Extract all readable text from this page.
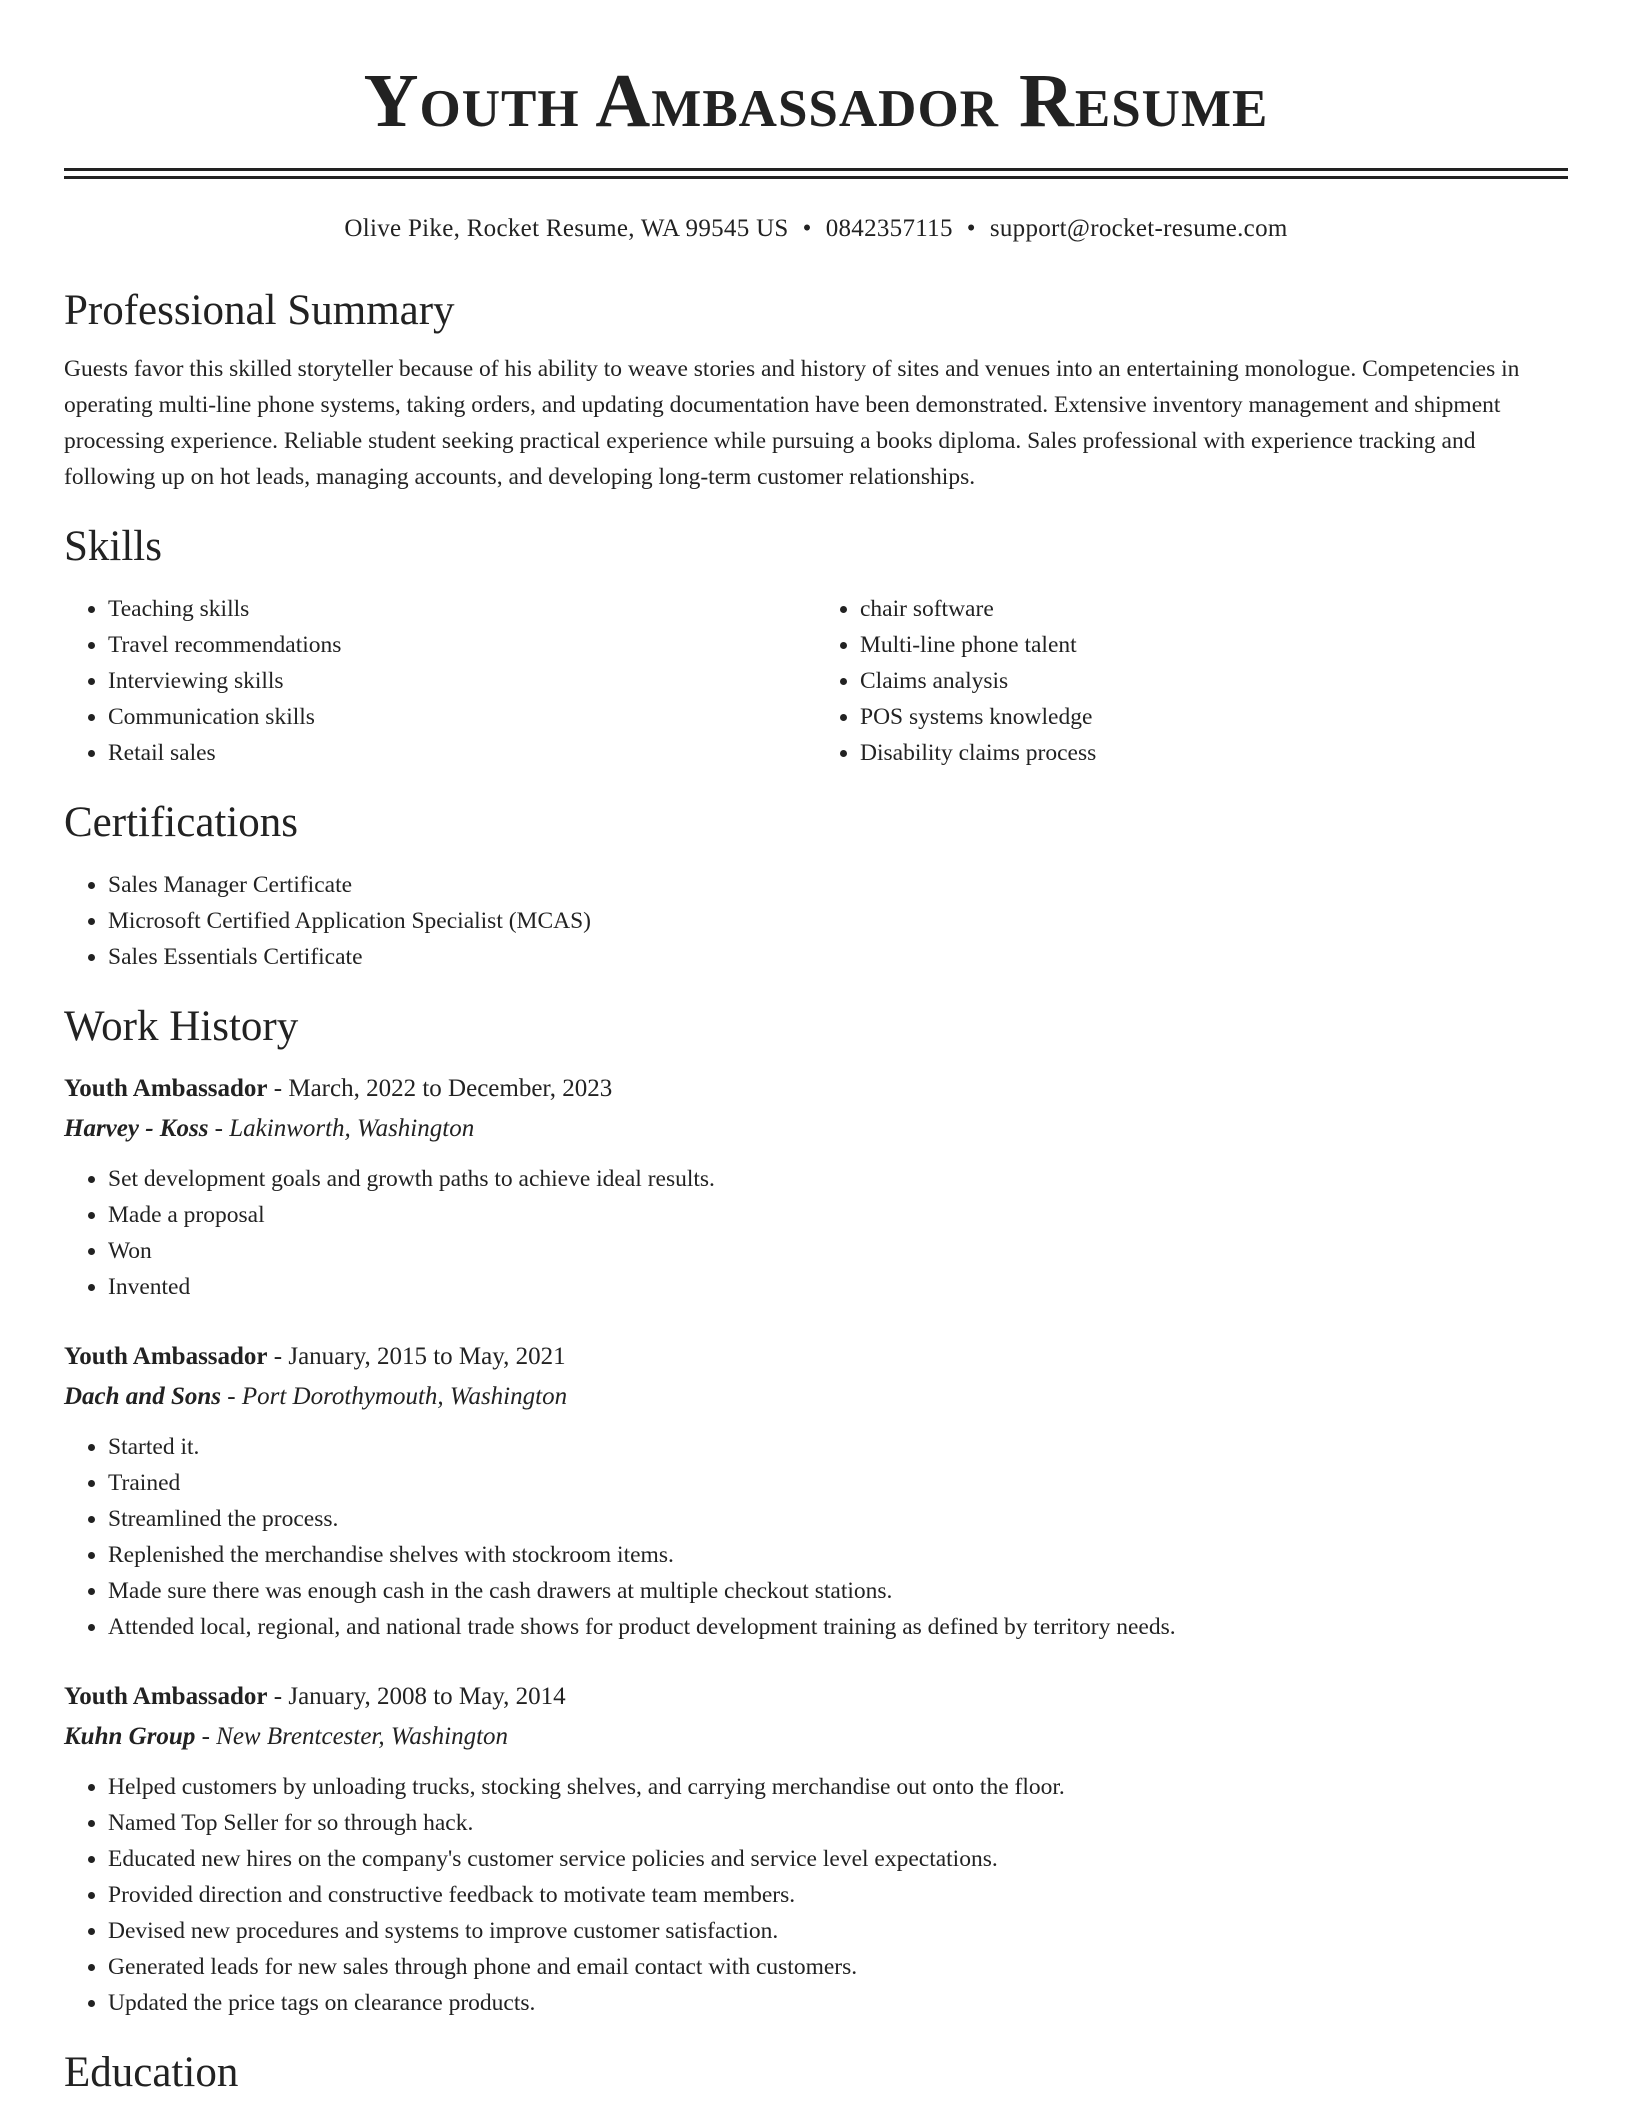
Youth Ambassador Resume
Olive Pike, Rocket Resume, WA 99545 US • 0842357115 • support@rocket-resume.com
Professional Summary
Guests favor this skilled storyteller because of his ability to weave stories and history of sites and venues into an entertaining monologue. Competencies in operating multi-line phone systems, taking orders, and updating documentation have been demonstrated. Extensive inventory management and shipment processing experience. Reliable student seeking practical experience while pursuing a books diploma. Sales professional with experience tracking and following up on hot leads, managing accounts, and developing long-term customer relationships.
Skills
• Teaching skills
• Travel recommendations
• Interviewing skills
• Communication skills
• Retail sales
• chair software
• Multi-line phone talent
• Claims analysis
• POS systems knowledge
• Disability claims process
Certifications
• Sales Manager Certificate
• Microsoft Certified Application Specialist (MCAS)
• Sales Essentials Certificate
Work History
Youth Ambassador - March, 2022 to December, 2023
Harvey - Koss - Lakinworth, Washington
• Set development goals and growth paths to achieve ideal results.
• Made a proposal
• Won
• Invented
Youth Ambassador - January, 2015 to May, 2021
Dach and Sons - Port Dorothymouth, Washington
• Started it.
• Trained
• Streamlined the process.
• Replenished the merchandise shelves with stockroom items.
• Made sure there was enough cash in the cash drawers at multiple checkout stations.
• Attended local, regional, and national trade shows for product development training as defined by territory needs.
Youth Ambassador - January, 2008 to May, 2014
Kuhn Group - New Brentcester, Washington
• Helped customers by unloading trucks, stocking shelves, and carrying merchandise out onto the floor.
• Named Top Seller for so through hack.
• Educated new hires on the company's customer service policies and service level expectations.
• Provided direction and constructive feedback to motivate team members.
• Devised new procedures and systems to improve customer satisfaction.
• Generated leads for new sales through phone and email contact with customers.
• Updated the price tags on clearance products.
Education
